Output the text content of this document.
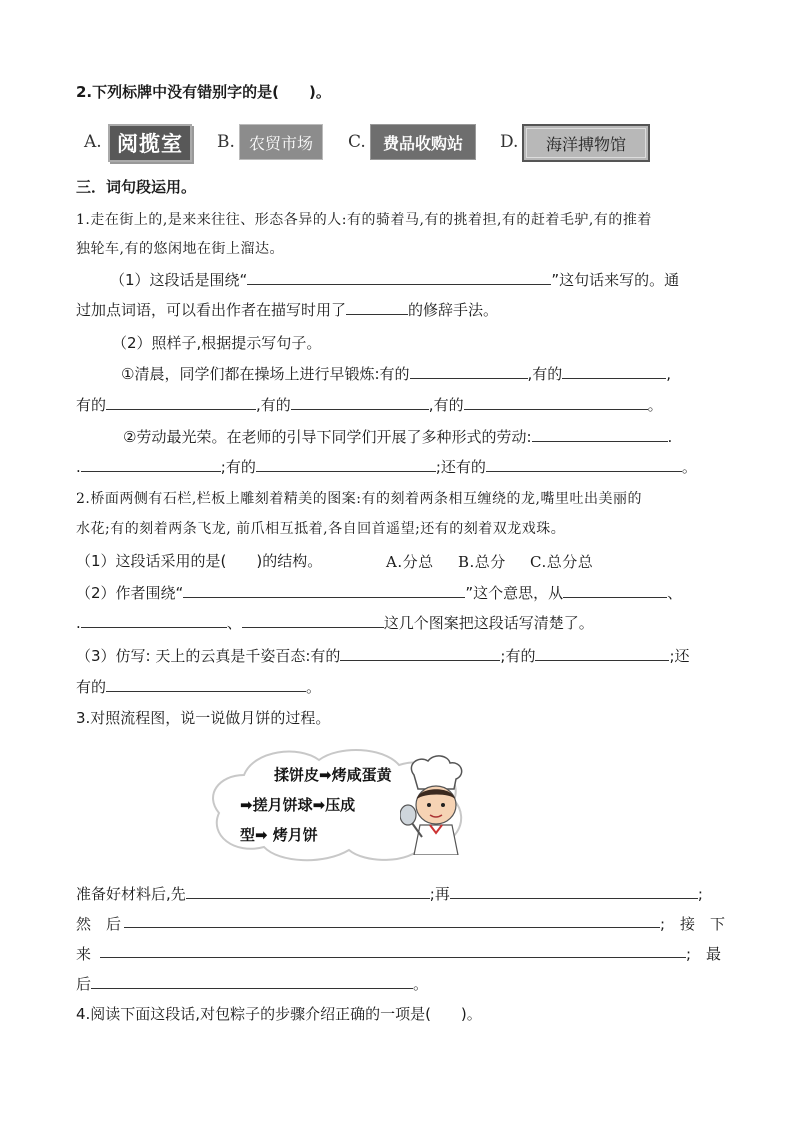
2.下列标牌中没有错别字的是(　　)。
A. 阅揽室 B. 农贸市场 C. 费品收购站 D. 海洋搏物馆
三．词句段运用。
1.走在街上的,是来来往往、形态各异的人:有的骑着马,有的挑着担,有的赶着毛驴,有的推着
独轮车,有的悠闲地在街上溜达。
（1）这段话是围绕“	”这句话来写的。通
过加点词语，可以看出作者在描写时用了	的修辞手法。
（2）照样子,根据提示写句子。
①清晨，同学们都在操场上进行早锻炼:有的	,有的	,
有的	,有的	,有的	。
②劳动最光荣。在老师的引导下同学们开展了多种形式的劳动:	.
.	;有的	;还有的	。
2.桥面两侧有石栏,栏板上雕刻着精美的图案:有的刻着两条相互缠绕的龙,嘴里吐出美丽的
水花;有的刻着两条飞龙, 前爪相互抵着,各自回首遥望;还有的刻着双龙戏珠。
（1）这段话采用的是(　　)的结构。	A.分总 B.总分 C.总分总
（2）作者围绕“	”这个意思，从	、
.	、	这几个图案把这段话写清楚了。
（3）仿写: 天上的云真是千姿百态:有的	;有的	;还
有的	。
3.对照流程图，说一说做月饼的过程。
揉饼皮➡烤咸蛋黄
➡搓月饼球➡压成
型➡ 烤月饼
准备好材料后,先	;再	;
然　后	;　接　下
来	;　最
后	。
4.阅读下面这段话,对包粽子的步骤介绍正确的一项是(　　)。
